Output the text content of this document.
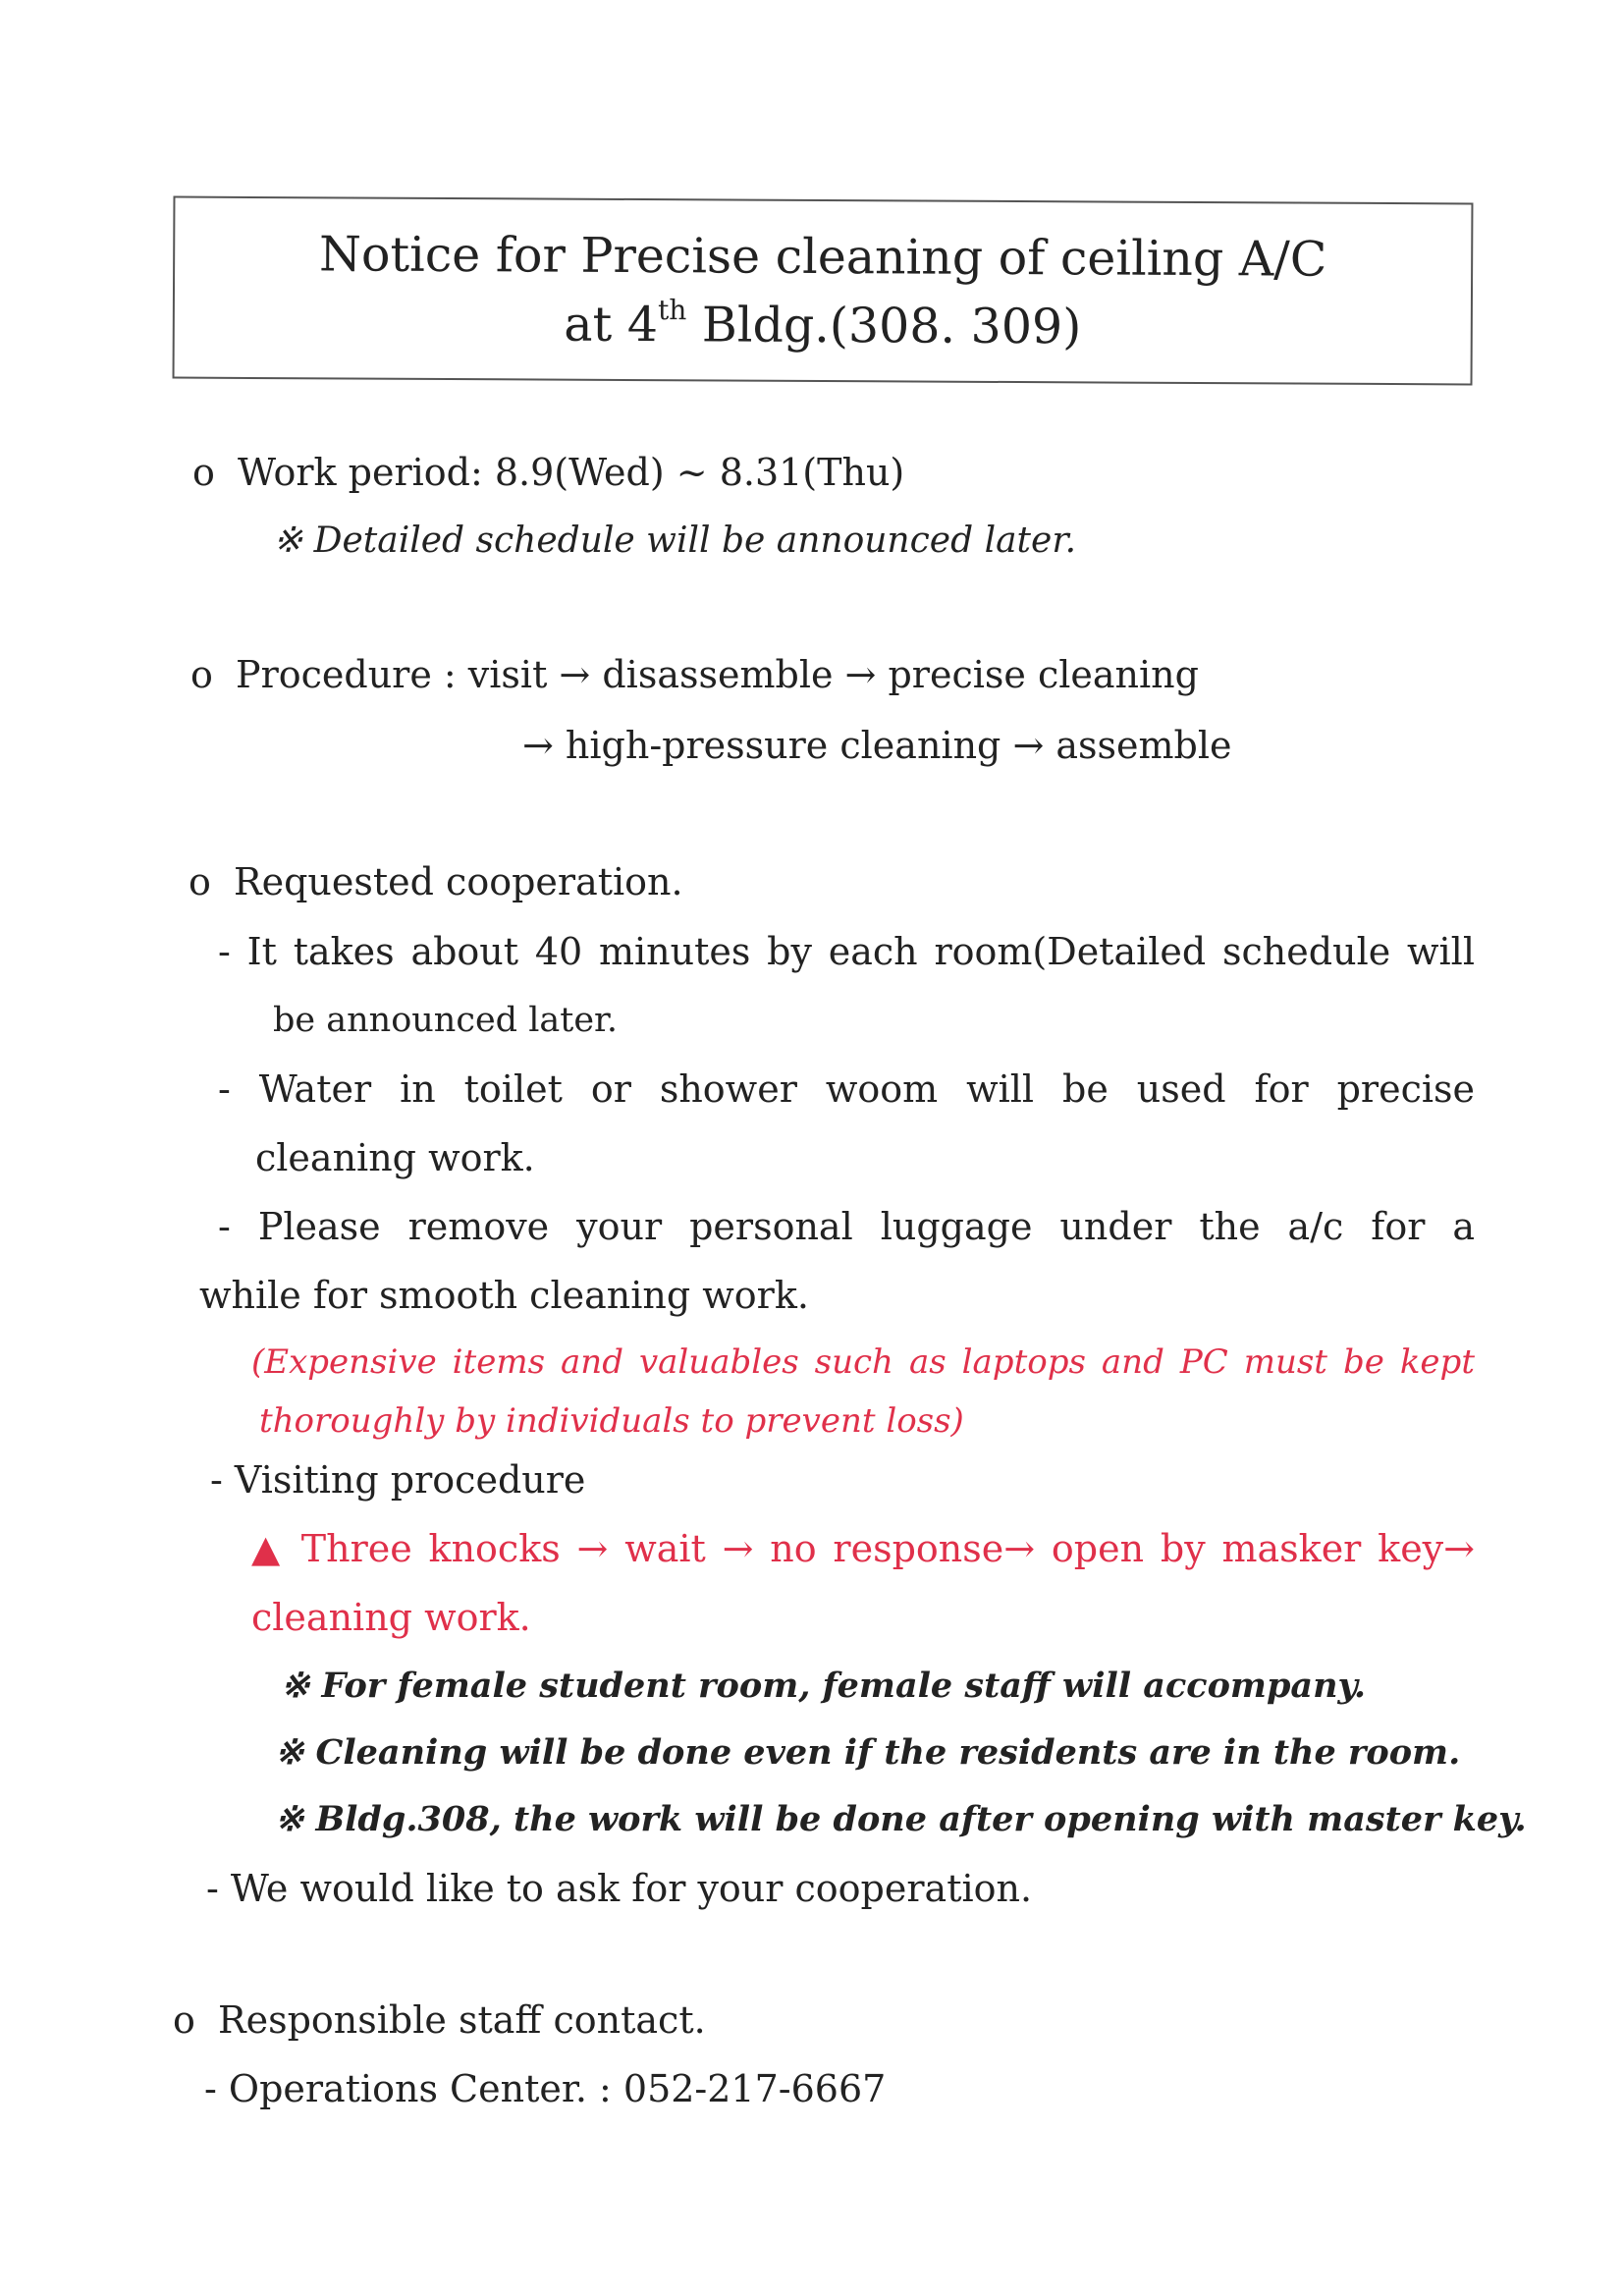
Notice for Precise cleaning of ceiling A/C
at 4th Bldg.(308. 309)
o Work period: 8.9(Wed) ~ 8.31(Thu)
※ Detailed schedule will be announced later.
o Procedure : visit → disassemble → precise cleaning
→ high-pressure cleaning → assemble
o Requested cooperation.
- It takes about 40 minutes by each room(Detailed schedule will
be announced later.
- Water in toilet or shower woom will be used for precise
cleaning work.
- Please remove your personal luggage under the a/c for a
while for smooth cleaning work.
(Expensive items and valuables such as laptops and PC must be kept
thoroughly by individuals to prevent loss)
- Visiting procedure
▲ Three knocks → wait → no response→ open by masker key→
cleaning work.
※ For female student room, female staff will accompany.
※ Cleaning will be done even if the residents are in the room.
※ Bldg.308, the work will be done after opening with master key.
- We would like to ask for your cooperation.
o Responsible staff contact.
- Operations Center. : 052-217-6667
